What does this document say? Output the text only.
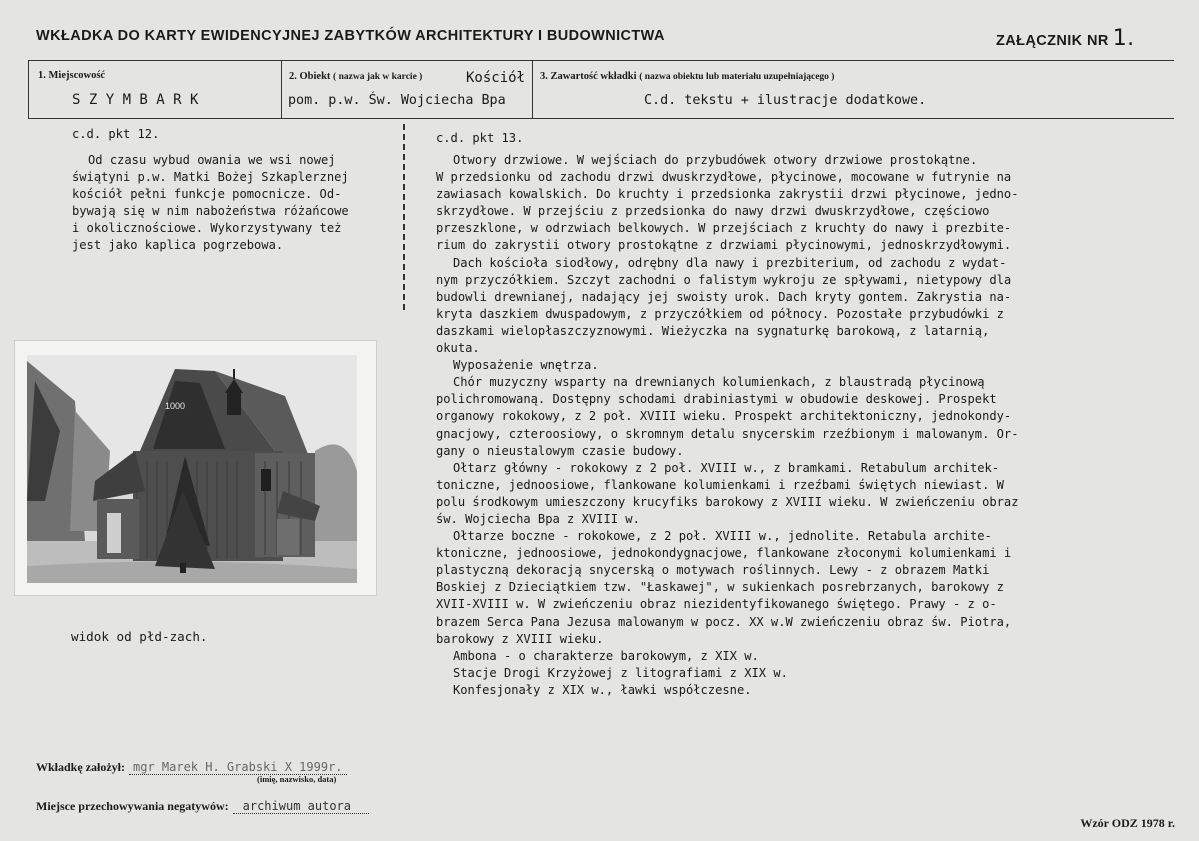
WKŁADKA DO KARTY EWIDENCYJNEJ ZABYTKÓW ARCHITEKTURY I BUDOWNICTWA	ZAŁĄCZNIK NR 1.
1. Miejscowość
S Z Y M B A R K
2. Obiekt ( nazwa jak w karcie )	Kościół
pom. p.w. Św. Wojciecha Bpa
3. Zawartość wkładki ( nazwa obiektu lub materiału uzupełniającego )
C.d. tekstu + ilustracje dodatkowe.
c.d. pkt 12.
Od czasu wybud owania we wsi nowej
świątyni p.w. Matki Bożej Szkaplerznej
kościół pełni funkcje pomocnicze. Od-
bywają się w nim nabożeństwa różańcowe
i okolicznościowe. Wykorzystywany też
jest jako kaplica pogrzebowa.
1000
widok od płd-zach.
c.d. pkt 13.
Otwory drzwiowe. W wejściach do przybudówek otwory drzwiowe prostokątne.
W przedsionku od zachodu drzwi dwuskrzydłowe, płycinowe, mocowane w futrynie na
zawiasach kowalskich. Do kruchty i przedsionka zakrystii drzwi płycinowe, jedno-
skrzydłowe. W przejściu z przedsionka do nawy drzwi dwuskrzydłowe, częściowo
przeszklone, w odrzwiach belkowych. W przejściach z kruchty do nawy i prezbite-
rium do zakrystii otwory prostokątne z drzwiami płycinowymi, jednoskrzydłowymi.
Dach kościoła siodłowy, odrębny dla nawy i prezbiterium, od zachodu z wydat-
nym przyczółkiem. Szczyt zachodni o falistym wykroju ze spływami, nietypowy dla
budowli drewnianej, nadający jej swoisty urok. Dach kryty gontem. Zakrystia na-
kryta daszkiem dwuspadowym, z przyczółkiem od północy. Pozostałe przybudówki z
daszkami wielopłaszczyznowymi. Wieżyczka na sygnaturkę barokową, z latarnią,
okuta.
Wyposażenie wnętrza.
Chór muzyczny wsparty na drewnianych kolumienkach, z blaustradą płycinową
polichromowaną. Dostępny schodami drabiniastymi w obudowie deskowej. Prospekt
organowy rokokowy, z 2 poł. XVIII wieku. Prospekt architektoniczny, jednokondy-
gnacjowy, czteroosiowy, o skromnym detalu snycerskim rzeźbionym i malowanym. Or-
gany o nieustalowym czasie budowy.
Ołtarz główny - rokokowy z 2 poł. XVIII w., z bramkami. Retabulum architek-
toniczne, jednoosiowe, flankowane kolumienkami i rzeźbami świętych niewiast. W
polu środkowym umieszczony krucyfiks barokowy z XVIII wieku. W zwieńczeniu obraz
św. Wojciecha Bpa z XVIII w.
Ołtarze boczne - rokokowe, z 2 poł. XVIII w., jednolite. Retabula archite-
ktoniczne, jednoosiowe, jednokondygnacjowe, flankowane złoconymi kolumienkami i
plastyczną dekoracją snycerską o motywach roślinnych. Lewy - z obrazem Matki
Boskiej z Dzieciątkiem tzw. "Łaskawej", w sukienkach posrebrzanych, barokowy z
XVII-XVIII w. W zwieńczeniu obraz niezidentyfikowanego świętego. Prawy - z o-
brazem Serca Pana Jezusa malowanym w pocz. XX w.W zwieńczeniu obraz św. Piotra,
barokowy z XVIII wieku.
Ambona - o charakterze barokowym, z XIX w.
Stacje Drogi Krzyżowej z litografiami z XIX w.
Konfesjonały z XIX w., ławki współczesne.
Wkładkę założył: mgr Marek H. Grabski X 1999r.
(imię, nazwisko, data)
Miejsce przechowywania negatywów: archiwum autora
Wzór ODZ 1978 r.
